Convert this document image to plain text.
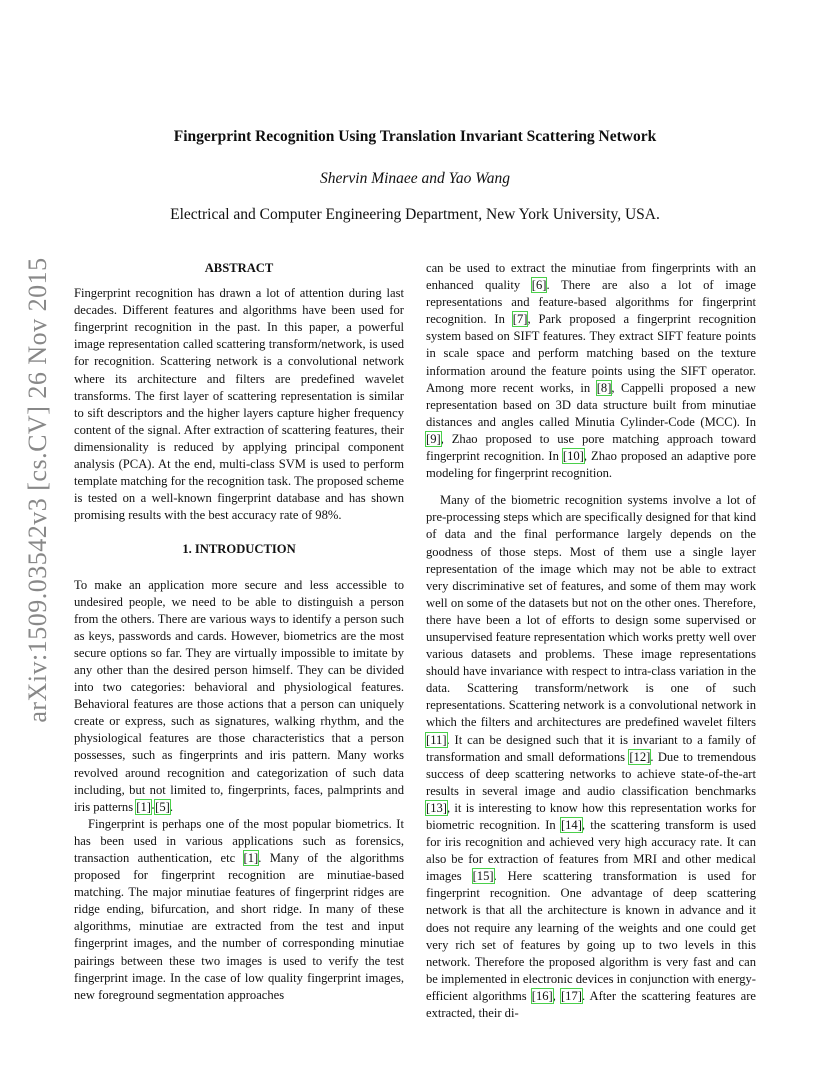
arXiv:1509.03542v3 [cs.CV] 26 Nov 2015
Fingerprint Recognition Using Translation Invariant Scattering Network
Shervin Minaee and Yao Wang
Electrical and Computer Engineering Department, New York University, USA.
ABSTRACT

Fingerprint recognition has drawn a lot of attention during last decades. Different features and algorithms have been used for fingerprint recognition in the past. In this paper, a powerful image representation called scattering transform/network, is used for recognition. Scattering network is a convolutional network where its architecture and filters are predefined wavelet transforms. The first layer of scattering representation is similar to sift descriptors and the higher layers capture higher frequency content of the signal. After extraction of scattering features, their dimensionality is reduced by applying principal component analysis (PCA). At the end, multi-class SVM is used to perform template matching for the recognition task. The proposed scheme is tested on a well-known fingerprint database and has shown promising results with the best accuracy rate of 98%.

1. INTRODUCTION

To make an application more secure and less accessible to undesired people, we need to be able to distinguish a person from the others. There are various ways to identify a person such as keys, passwords and cards. However, biometrics are the most secure options so far. They are virtually impossible to imitate by any other than the desired person himself. They can be divided into two categories: behavioral and physiological features. Behavioral features are those actions that a person can uniquely create or express, such as signatures, walking rhythm, and the physiological features are those characteristics that a person possesses, such as fingerprints and iris pattern. Many works revolved around recognition and categorization of such data including, but not limited to, fingerprints, faces, palmprints and iris patterns [1]-[5].

Fingerprint is perhaps one of the most popular biometrics. It has been used in various applications such as forensics, transaction authentication, etc [1]. Many of the algorithms proposed for fingerprint recognition are minutiae-based matching. The major minutiae features of fingerprint ridges are ridge ending, bifurcation, and short ridge. In many of these algorithms, minutiae are extracted from the test and input fingerprint images, and the number of corresponding minutiae pairings between these two images is used to verify the test fingerprint image. In the case of low quality fingerprint images, new foreground segmentation approaches

can be used to extract the minutiae from fingerprints with an enhanced quality [6]. There are also a lot of image representations and feature-based algorithms for fingerprint recognition. In [7], Park proposed a fingerprint recognition system based on SIFT features. They extract SIFT feature points in scale space and perform matching based on the texture information around the feature points using the SIFT operator. Among more recent works, in [8], Cappelli proposed a new representation based on 3D data structure built from minutiae distances and angles called Minutia Cylinder-Code (MCC). In [9], Zhao proposed to use pore matching approach toward fingerprint recognition. In [10], Zhao proposed an adaptive pore modeling for fingerprint recognition.

Many of the biometric recognition systems involve a lot of pre-processing steps which are specifically designed for that kind of data and the final performance largely depends on the goodness of those steps. Most of them use a single layer representation of the image which may not be able to extract very discriminative set of features, and some of them may work well on some of the datasets but not on the other ones. Therefore, there have been a lot of efforts to design some supervised or unsupervised feature representation which works pretty well over various datasets and problems. These image representations should have invariance with respect to intra-class variation in the data. Scattering transform/network is one of such representations. Scattering network is a convolutional network in which the filters and architectures are predefined wavelet filters [11]. It can be designed such that it is invariant to a family of transformation and small deformations [12]. Due to tremendous success of deep scattering networks to achieve state-of-the-art results in several image and audio classification benchmarks [13], it is interesting to know how this representation works for biometric recognition. In [14], the scattering transform is used for iris recognition and achieved very high accuracy rate. It can also be for extraction of features from MRI and other medical images [15]. Here scattering transformation is used for fingerprint recognition. One advantage of deep scattering network is that all the architecture is known in advance and it does not require any learning of the weights and one could get very rich set of features by going up to two levels in this network. Therefore the proposed algorithm is very fast and can be implemented in electronic devices in conjunction with energy-efficient algorithms [16], [17]. After the scattering features are extracted, their di-
